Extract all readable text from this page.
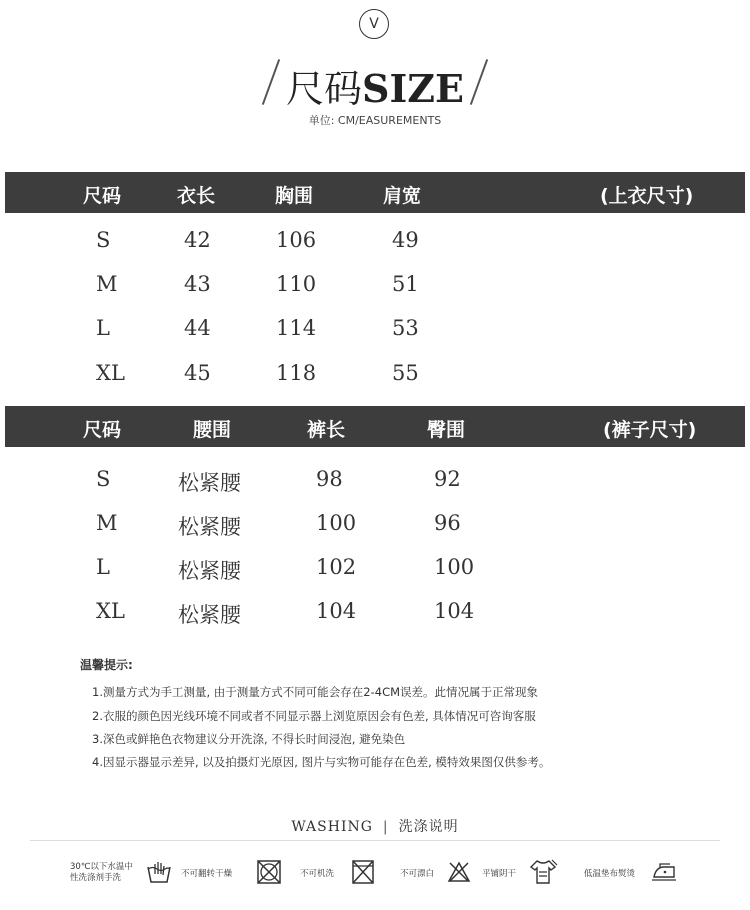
V
尺码SIZE
单位: CM/EASUREMENTS
尺码	衣长	胸围	肩宽	(上衣尺寸)
S	42	106	49
M	43	110	51
L	44	114	53
XL	45	118	55
尺码	腰围	裤长	臀围	(裤子尺寸)
S	松紧腰	98	92
M	松紧腰	100	96
L	松紧腰	102	100
XL	松紧腰	104	104
温馨提示:
1.测量方式为手工测量, 由于测量方式不同可能会存在2-4CM误差。此情况属于正常现象
2.衣服的颜色因光线环境不同或者不同显示器上浏览原因会有色差, 具体情况可咨询客服
3.深色或鲜艳色衣物建议分开洗涤, 不得长时间浸泡, 避免染色
4.因显示器显示差异, 以及拍摄灯光原因, 图片与实物可能存在色差, 模特效果图仅供参考。
WASHING | 洗涤说明
30℃以下水温中
性洗涤剂手洗	不可翻转干燥	不可机洗	不可漂白	平铺阴干	低温垫布熨烫
